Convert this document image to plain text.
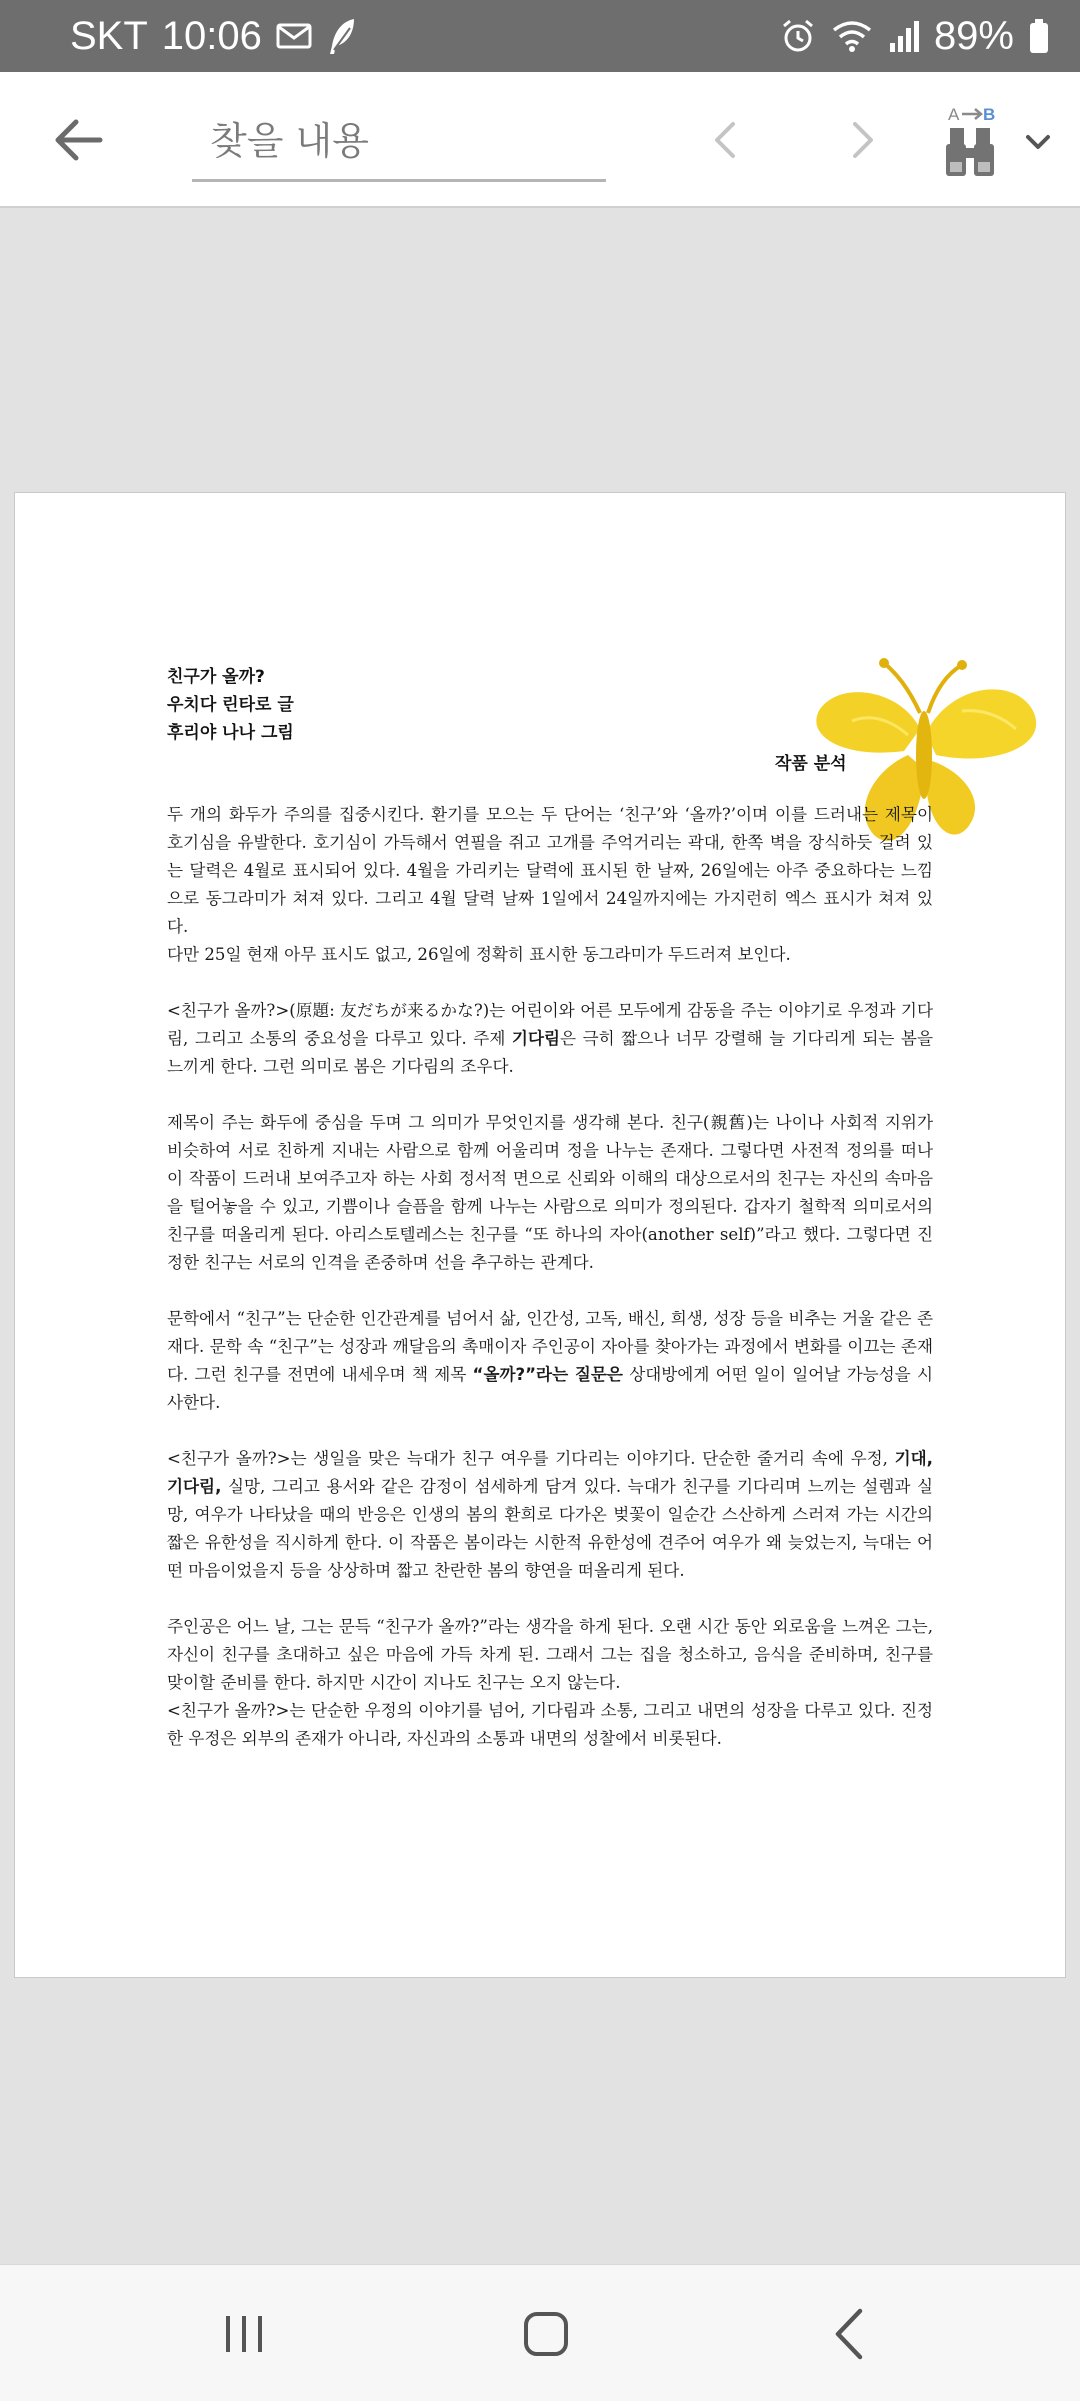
SKT 10:06	89%
찾을 내용
A B
친구가 올까?
우치다 린타로 글
후리야 나나 그림
작품 분석

두 개의 화두가 주의를 집중시킨다. 환기를 모으는 두 단어는 ‘친구’와 ‘올까?’이며 이를 드러내는 제목이 호기심을 유발한다. 호기심이 가득해서 연필을 쥐고 고개를 주억거리는 곽대, 한쪽 벽을 장식하듯 걸려 있는 달력은 4월로 표시되어 있다. 4월을 가리키는 달력에 표시된 한 날짜, 26일에는 아주 중요하다는 느낌으로 동그라미가 쳐져 있다. 그리고 4월 달력 날짜 1일에서 24일까지에는 가지런히 엑스 표시가 쳐져 있다.

다만 25일 현재 아무 표시도 없고, 26일에 정확히 표시한 동그라미가 두드러져 보인다.

<친구가 올까?>(原題: 友だちが来るかな?)는 어린이와 어른 모두에게 감동을 주는 이야기로 우정과 기다림, 그리고 소통의 중요성을 다루고 있다. 주제 기다림은 극히 짧으나 너무 강렬해 늘 기다리게 되는 봄을 느끼게 한다. 그런 의미로 봄은 기다림의 조우다.

제목이 주는 화두에 중심을 두며 그 의미가 무엇인지를 생각해 본다. 친구(親舊)는 나이나 사회적 지위가 비슷하여 서로 친하게 지내는 사람으로 함께 어울리며 정을 나누는 존재다. 그렇다면 사전적 정의를 떠나 이 작품이 드러내 보여주고자 하는 사회 정서적 면으로 신뢰와 이해의 대상으로서의 친구는 자신의 속마음을 털어놓을 수 있고, 기쁨이나 슬픔을 함께 나누는 사람으로 의미가 정의된다. 갑자기 철학적 의미로서의 친구를 떠올리게 된다. 아리스토텔레스는 친구를 “또 하나의 자아(another self)”라고 했다. 그렇다면 진정한 친구는 서로의 인격을 존중하며 선을 추구하는 관계다.

문학에서 “친구”는 단순한 인간관계를 넘어서 삶, 인간성, 고독, 배신, 희생, 성장 등을 비추는 거울 같은 존재다. 문학 속 “친구”는 성장과 깨달음의 촉매이자 주인공이 자아를 찾아가는 과정에서 변화를 이끄는 존재다. 그런 친구를 전면에 내세우며 책 제목 “올까?”라는 질문은 상대방에게 어떤 일이 일어날 가능성을 시사한다.

<친구가 올까?>는 생일을 맞은 늑대가 친구 여우를 기다리는 이야기다. 단순한 줄거리 속에 우정, 기대, 기다림, 실망, 그리고 용서와 같은 감정이 섬세하게 담겨 있다. 늑대가 친구를 기다리며 느끼는 설렘과 실망, 여우가 나타났을 때의 반응은 인생의 봄의 환희로 다가온 벚꽃이 일순간 스산하게 스러져 가는 시간의 짧은 유한성을 직시하게 한다. 이 작품은 봄이라는 시한적 유한성에 견주어 여우가 왜 늦었는지, 늑대는 어떤 마음이었을지 등을 상상하며 짧고 찬란한 봄의 향연을 떠올리게 된다.

주인공은 어느 날, 그는 문득 “친구가 올까?”라는 생각을 하게 된다. 오랜 시간 동안 외로움을 느껴온 그는, 자신이 친구를 초대하고 싶은 마음에 가득 차게 된. 그래서 그는 집을 청소하고, 음식을 준비하며, 친구를 맞이할 준비를 한다. 하지만 시간이 지나도 친구는 오지 않는다.

<친구가 올까?>는 단순한 우정의 이야기를 넘어, 기다림과 소통, 그리고 내면의 성장을 다루고 있다. 진정한 우정은 외부의 존재가 아니라, 자신과의 소통과 내면의 성찰에서 비롯된다.
